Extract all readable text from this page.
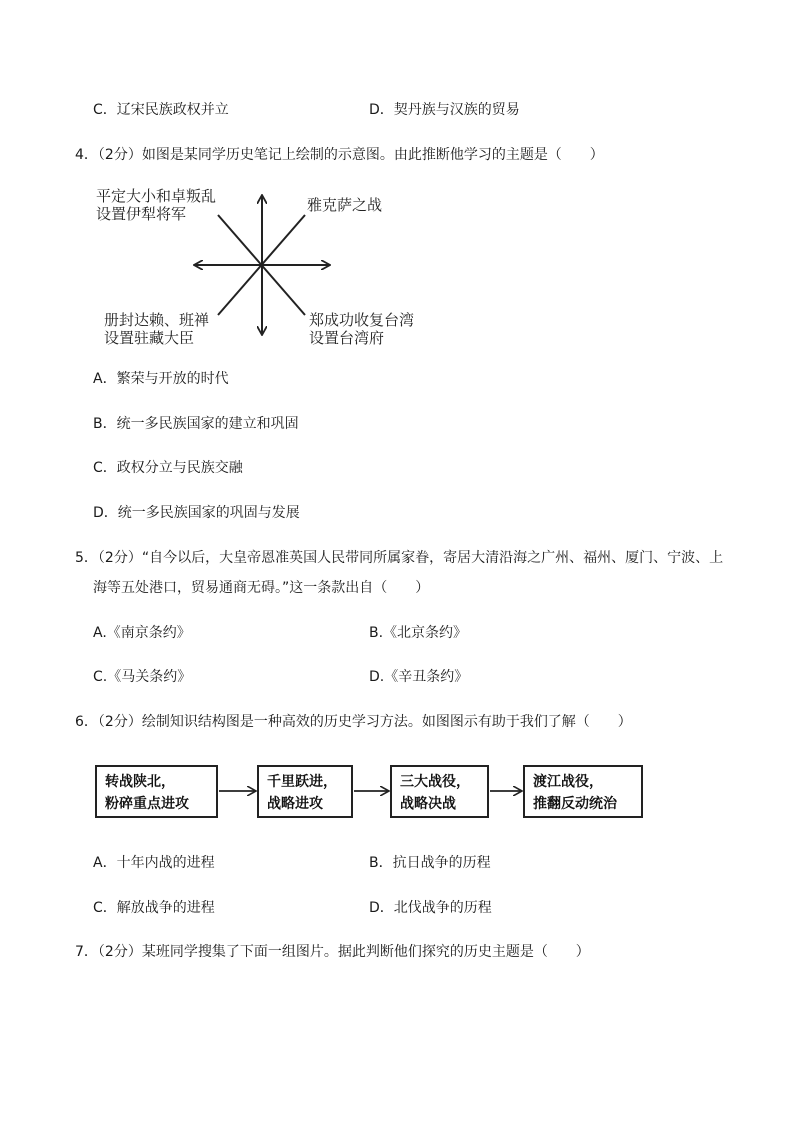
C．辽宋民族政权并立	D．契丹族与汉族的贸易
4．（2分）如图是某同学历史笔记上绘制的示意图。由此推断他学习的主题是（　　）
平定大小和卓叛乱
设置伊犁将军	雅克萨之战
册封达赖、班禅
设置驻藏大臣
郑成功收复台湾
设置台湾府
A．繁荣与开放的时代
B．统一多民族国家的建立和巩固
C．政权分立与民族交融
D．统一多民族国家的巩固与发展
5．（2分）“自今以后，大皇帝恩准英国人民带同所属家眷，寄居大清沿海之广州、福州、厦门、宁波、上
海等五处港口，贸易通商无碍。”这一条款出自（　　）
A.《南京条约》	B.《北京条约》
C.《马关条约》	D.《辛丑条约》
6．（2分）绘制知识结构图是一种高效的历史学习方法。如图图示有助于我们了解（　　）
转战陕北，
粉碎重点进攻
千里跃进，
战略进攻
三大战役，
战略决战
渡江战役，
推翻反动统治
A．十年内战的进程	B．抗日战争的历程
C．解放战争的进程	D．北伐战争的历程
7．（2分）某班同学搜集了下面一组图片。据此判断他们探究的历史主题是（　　）
